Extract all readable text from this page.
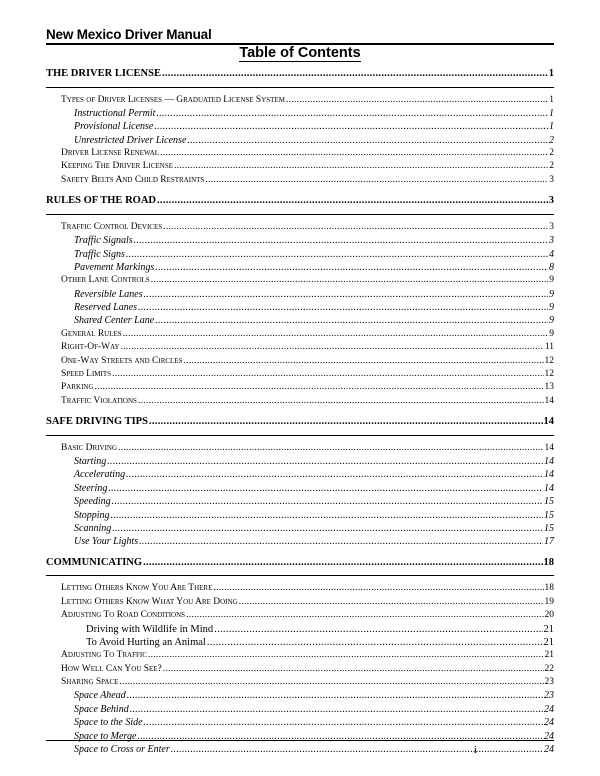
New Mexico Driver Manual
Table of Contents
THE DRIVER LICENSE .....	1
Types of Driver Licenses — Graduated License System .....	1
Instructional Permit .....	1
Provisional License .....	1
Unrestricted Driver License .....	2
Driver License Renewal .....	2
Keeping The Driver License .....	2
Safety Belts And Child Restraints .....	3
RULES OF THE ROAD .....	3
Traffic Control Devices .....	3
Traffic Signals .....	3
Traffic Signs .....	4
Pavement Markings .....	8
Other Lane Controls .....	9
Reversible Lanes .....	9
Reserved Lanes .....	9
Shared Center Lane .....	9
General Rules .....	9
Right-Of-Way .....	11
One-Way Streets and Circles .....	12
Speed Limits .....	12
Parking .....	13
Traffic Violations .....	14
SAFE DRIVING TIPS .....	14
Basic Driving .....	14
Starting .....	14
Accelerating .....	14
Steering .....	14
Speeding .....	15
Stopping .....	15
Scanning .....	15
Use Your Lights .....	17
COMMUNICATING .....	18
Letting Others Know You Are There .....	18
Letting Others Know What You Are Doing .....	19
Adjusting To Road Conditions .....	20
Driving with Wildlife in Mind .....	21
To Avoid Hurting an Animal .....	21
Adjusting To Traffic .....	21
How Well Can You See? .....	22
Sharing Space .....	23
Space Ahead .....	23
Space Behind .....	24
Space to the Side .....	24
Space to Merge .....	24
Space to Cross or Enter .....	24
i
